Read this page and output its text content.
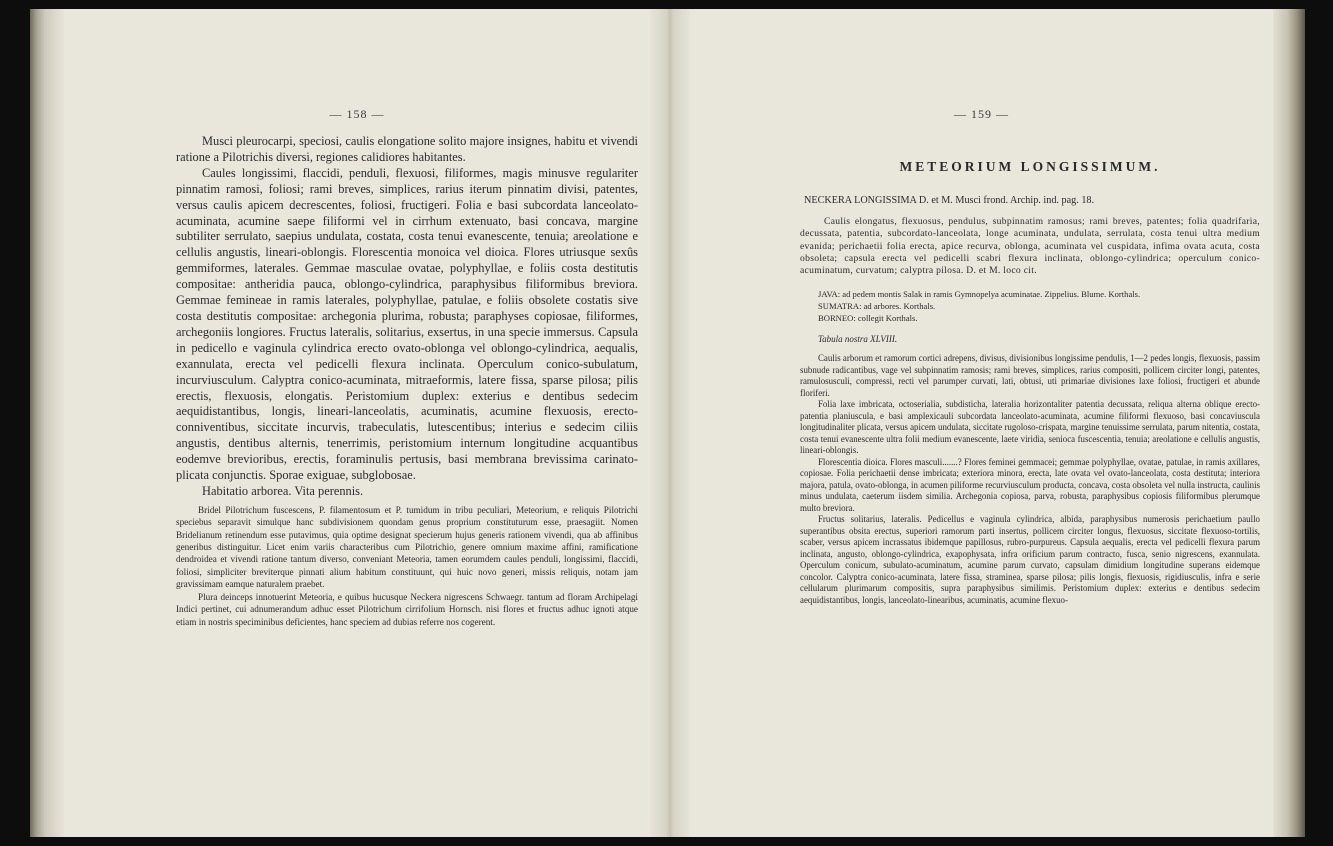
— 158 —

Musci pleurocarpi, speciosi, caulis elongatione solito majore insignes, habitu et vivendi ratione a Pilotrichis diversi, regiones calidiores habitantes.

Caules longissimi, flaccidi, penduli, flexuosi, filiformes, magis minusve regulariter pinnatim ramosi, foliosi; rami breves, simplices, rarius iterum pinnatim divisi, patentes, versus caulis apicem decrescentes, foliosi, fructigeri. Folia e basi subcordata lanceolato-acuminata, acumine saepe filiformi vel in cirrhum extenuato, basi concava, margine subtiliter serrulato, saepius undulata, costata, costa tenui evanescente, tenuia; areolatione e cellulis angustis, lineari-oblongis. Florescentia monoica vel dioica. Flores utriusque sexûs gemmiformes, laterales. Gemmae masculae ovatae, polyphyllae, e foliis costa destitutis compositae: antheridia pauca, oblongo-cylindrica, paraphysibus filiformibus breviora. Gemmae femineae in ramis laterales, polyphyllae, patulae, e foliis obsolete costatis sive costa destitutis compositae: archegonia plurima, robusta; paraphyses copiosae, filiformes, archegoniis longiores. Fructus lateralis, solitarius, exsertus, in una specie immersus. Capsula in pedicello e vaginula cylindrica erecto ovato-oblonga vel oblongo-cylindrica, aequalis, exannulata, erecta vel pedicelli flexura inclinata. Operculum conico-subulatum, incurviusculum. Calyptra conico-acuminata, mitraeformis, latere fissa, sparse pilosa; pilis erectis, flexuosis, elongatis. Peristomium duplex: exterius e dentibus sedecim aequidistantibus, longis, lineari-lanceolatis, acuminatis, acumine flexuosis, erecto-conniventibus, siccitate incurvis, trabeculatis, lutescentibus; interius e sedecim ciliis angustis, dentibus alternis, tenerrimis, peristomium internum longitudine acquantibus eodemve brevioribus, erectis, foraminulis pertusis, basi membrana brevissima carinato-plicata conjunctis. Sporae exiguae, subglobosae.

Habitatio arborea. Vita perennis.

Bridel Pilotrichum fuscescens, P. filamentosum et P. tumidum in tribu peculiari, Meteorium, e reliquis Pilotrichi speciebus separavit simulque hanc subdivisionem quondam genus proprium constituturum esse, praesagiit. Nomen Bridelianum retinendum esse putavimus, quia optime designat specierum hujus generis rationem vivendi, qua ab affinibus generibus distinguitur. Licet enim variis characteribus cum Pilotrichio, genere omnium maxime affini, ramificatione dendroidea et vivendi ratione tantum diverso, conveniant Meteoria, tamen eorumdem caules penduli, longissimi, flaccidi, foliosi, simpliciter breviterque pinnati alium habitum constituunt, qui huic novo generi, missis reliquis, notam jam gravissimam eamque naturalem praebet.

Plura deinceps innotuerint Meteoria, e quibus hucusque Neckera nigrescens Schwaegr. tantum ad floram Archipelagi Indici pertinet, cui adnumerandum adhuc esset Pilotrichum cirrifolium Hornsch. nisi flores et fructus adhuc ignoti atque etiam in nostris speciminibus deficientes, hanc speciem ad dubias referre nos cogerent.

— 159 —
METEORIUM LONGISSIMUM.
NECKERA LONGISSIMA D. et M. Musci frond. Archip. ind. pag. 18.

Caulis elongatus, flexuosus, pendulus, subpinnatim ramosus; rami breves, patentes; folia quadrifaria, decussata, patentia, subcordato-lanceolata, longe acuminata, undulata, serrulata, costa tenui ultra medium evanida; perichaetii folia erecta, apice recurva, oblonga, acuminata vel cuspidata, infima ovata acuta, costa obsoleta; capsula erecta vel pedicelli scabri flexura inclinata, oblongo-cylindrica; operculum conico-acuminatum, curvatum; calyptra pilosa. D. et M. loco cit.

JAVA: ad pedem montis Salak in ramis Gymnopelya acuminatae. Zippelius. Blume. Korthals.
SUMATRA: ad arbores. Korthals.
BORNEO: collegit Korthals.
Tabula nostra XLVIII.

Caulis arborum et ramorum cortici adrepens, divisus, divisionibus longissime pendulis, 1—2 pedes longis, flexuosis, passim subnude radicantibus, vage vel subpinnatim ramosis; rami breves, simplices, rarius compositi, pollicem circiter longi, patentes, ramulosusculi, compressi, recti vel parumper curvati, lati, obtusi, uti primariae divisiones laxe foliosi, fructigeri et abunde floriferi.

Folia laxe imbricata, octoserialia, subdisticha, lateralia horizontaliter patentia decussata, reliqua alterna oblique erecto-patentia planiuscula, e basi amplexicauli subcordata lanceolato-acuminata, acumine filiformi flexuoso, basi concaviuscula longitudinaliter plicata, versus apicem undulata, siccitate rugoloso-crispata, margine tenuissime serrulata, parum nitentia, costata, costa tenui evanescente ultra folii medium evanescente, laete viridia, senioca fuscescentia, tenuia; areolatione e cellulis angustis, lineari-oblongis.

Florescentia dioica. Flores masculi.......? Flores feminei gemmacei; gemmae polyphyllae, ovatae, patulae, in ramis axillares, copiosae. Folia perichaetii dense imbricata; exteriora minora, erecta, late ovata vel ovato-lanceolata, costa destituta; interiora majora, patula, ovato-oblonga, in acumen piliforme recurviusculum producta, concava, costa obsoleta vel nulla instructa, caulinis minus undulata, caeterum iisdem similia. Archegonia copiosa, parva, robusta, paraphysibus copiosis filiformibus plerumque multo breviora.

Fructus solitarius, lateralis. Pedicellus e vaginula cylindrica, albida, paraphysibus numerosis perichaetium paullo superantibus obsita erectus, superiori ramorum parti insertus, pollicem circiter longus, flexuosus, siccitate flexuoso-tortilis, scaber, versus apicem incrassatus ibidemque papillosus, rubro-purpureus. Capsula aequalis, erecta vel pedicelli flexura parum inclinata, angusto, oblongo-cylindrica, exapophysata, infra orificium parum contracto, fusca, senio nigrescens, exannulata. Operculum conicum, subulato-acuminatum, acumine parum curvato, capsulam dimidium longitudine superans eidemque concolor. Calyptra conico-acuminata, latere fissa, straminea, sparse pilosa; pilis longis, flexuosis, rigidiusculis, infra e serie cellularum plurimarum compositis, supra paraphysibus similimis. Peristomium duplex: exterius e dentibus sedecim aequidistantibus, longis, lanceolato-linearibus, acuminatis, acumine flexuo-
